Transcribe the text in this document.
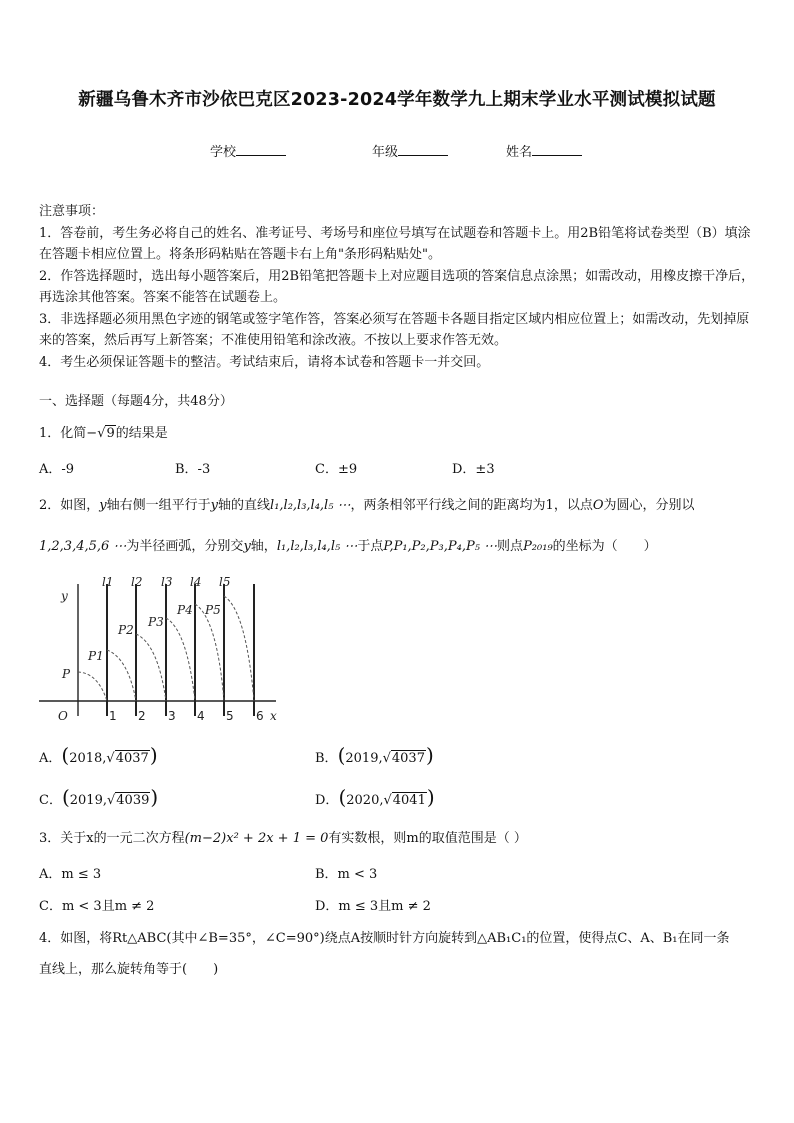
新疆乌鲁木齐市沙依巴克区2023-2024学年数学九上期末学业水平测试模拟试题
学校	年级	姓名

注意事项：

1．答卷前，考生务必将自己的姓名、准考证号、考场号和座位号填写在试题卷和答题卡上。用2B铅笔将试卷类型（B）填涂在答题卡相应位置上。将条形码粘贴在答题卡右上角"条形码粘贴处"。

2．作答选择题时，选出每小题答案后，用2B铅笔把答题卡上对应题目选项的答案信息点涂黑；如需改动，用橡皮擦干净后，再选涂其他答案。答案不能答在试题卷上。

3．非选择题必须用黑色字迹的钢笔或签字笔作答，答案必须写在答题卡各题目指定区域内相应位置上；如需改动，先划掉原来的答案，然后再写上新答案；不准使用铅笔和涂改液。不按以上要求作答无效。

4．考生必须保证答题卡的整洁。考试结束后，请将本试卷和答题卡一并交回。

一、选择题（每题4分，共48分）
1．化简−√9的结果是
A．-9	B．-3	C．±9	D．±3
2．如图，y轴右侧一组平行于y轴的直线l₁,l₂,l₃,l₄,l₅ ⋯，两条相邻平行线之间的距离均为1，以点O为圆心，分别以
1,2,3,4,5,6 ⋯为半径画弧，分别交y轴，l₁,l₂,l₃,l₄,l₅ ⋯于点P,P₁,P₂,P₃,P₄,P₅ ⋯则点P₂₀₁₉的坐标为（　　）
y
x
O
l1 l2 l3 l4 l5
P
P1
P2
P3
P4 P5
1 2 3 4 5 6
A．(2018,√4037)	B．(2019,√4037)
C．(2019,√4039)	D．(2020,√4041)
3．关于x的一元二次方程(m−2)x² + 2x + 1 = 0有实数根，则m的取值范围是（ ）
A．m ≤ 3	B．m < 3
C．m < 3且m ≠ 2	D．m ≤ 3且m ≠ 2
4．如图，将Rt△ABC(其中∠B=35°，∠C=90°)绕点A按顺时针方向旋转到△AB₁C₁的位置，使得点C、A、B₁在同一条
直线上，那么旋转角等于(　　)
